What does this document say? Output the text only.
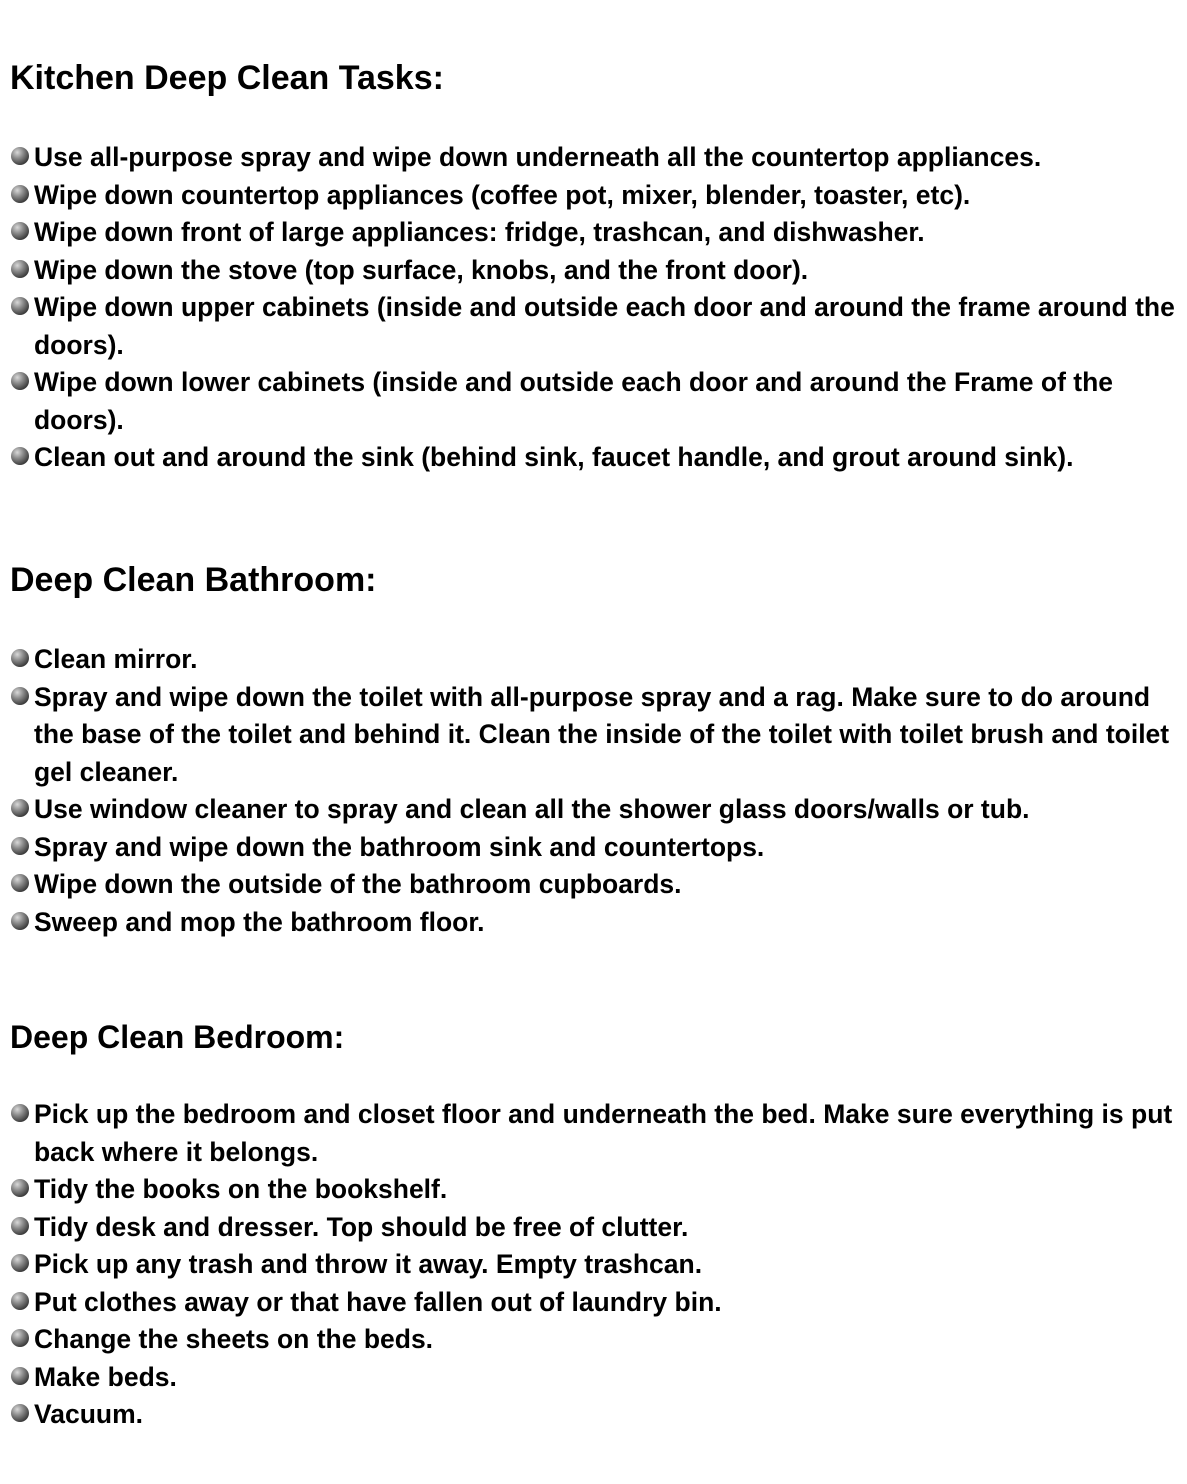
Kitchen Deep Clean Tasks:
Use all-purpose spray and wipe down underneath all the countertop appliances.
Wipe down countertop appliances (coffee pot, mixer, blender, toaster, etc).
Wipe down front of large appliances: fridge, trashcan, and dishwasher.
Wipe down the stove (top surface, knobs, and the front door).
Wipe down upper cabinets (inside and outside each door and around the frame around the doors).
Wipe down lower cabinets (inside and outside each door and around the Frame of the doors).
Clean out and around the sink (behind sink, faucet handle, and grout around sink).
Deep Clean Bathroom:
Clean mirror.
Spray and wipe down the toilet with all-purpose spray and a rag. Make sure to do around the base of the toilet and behind it. Clean the inside of the toilet with toilet brush and toilet gel cleaner.
Use window cleaner to spray and clean all the shower glass doors/walls or tub.
Spray and wipe down the bathroom sink and countertops.
Wipe down the outside of the bathroom cupboards.
Sweep and mop the bathroom floor.
Deep Clean Bedroom:
Pick up the bedroom and closet floor and underneath the bed. Make sure everything is put back where it belongs.
Tidy the books on the bookshelf.
Tidy desk and dresser. Top should be free of clutter.
Pick up any trash and throw it away. Empty trashcan.
Put clothes away or that have fallen out of laundry bin.
Change the sheets on the beds.
Make beds.
Vacuum.
